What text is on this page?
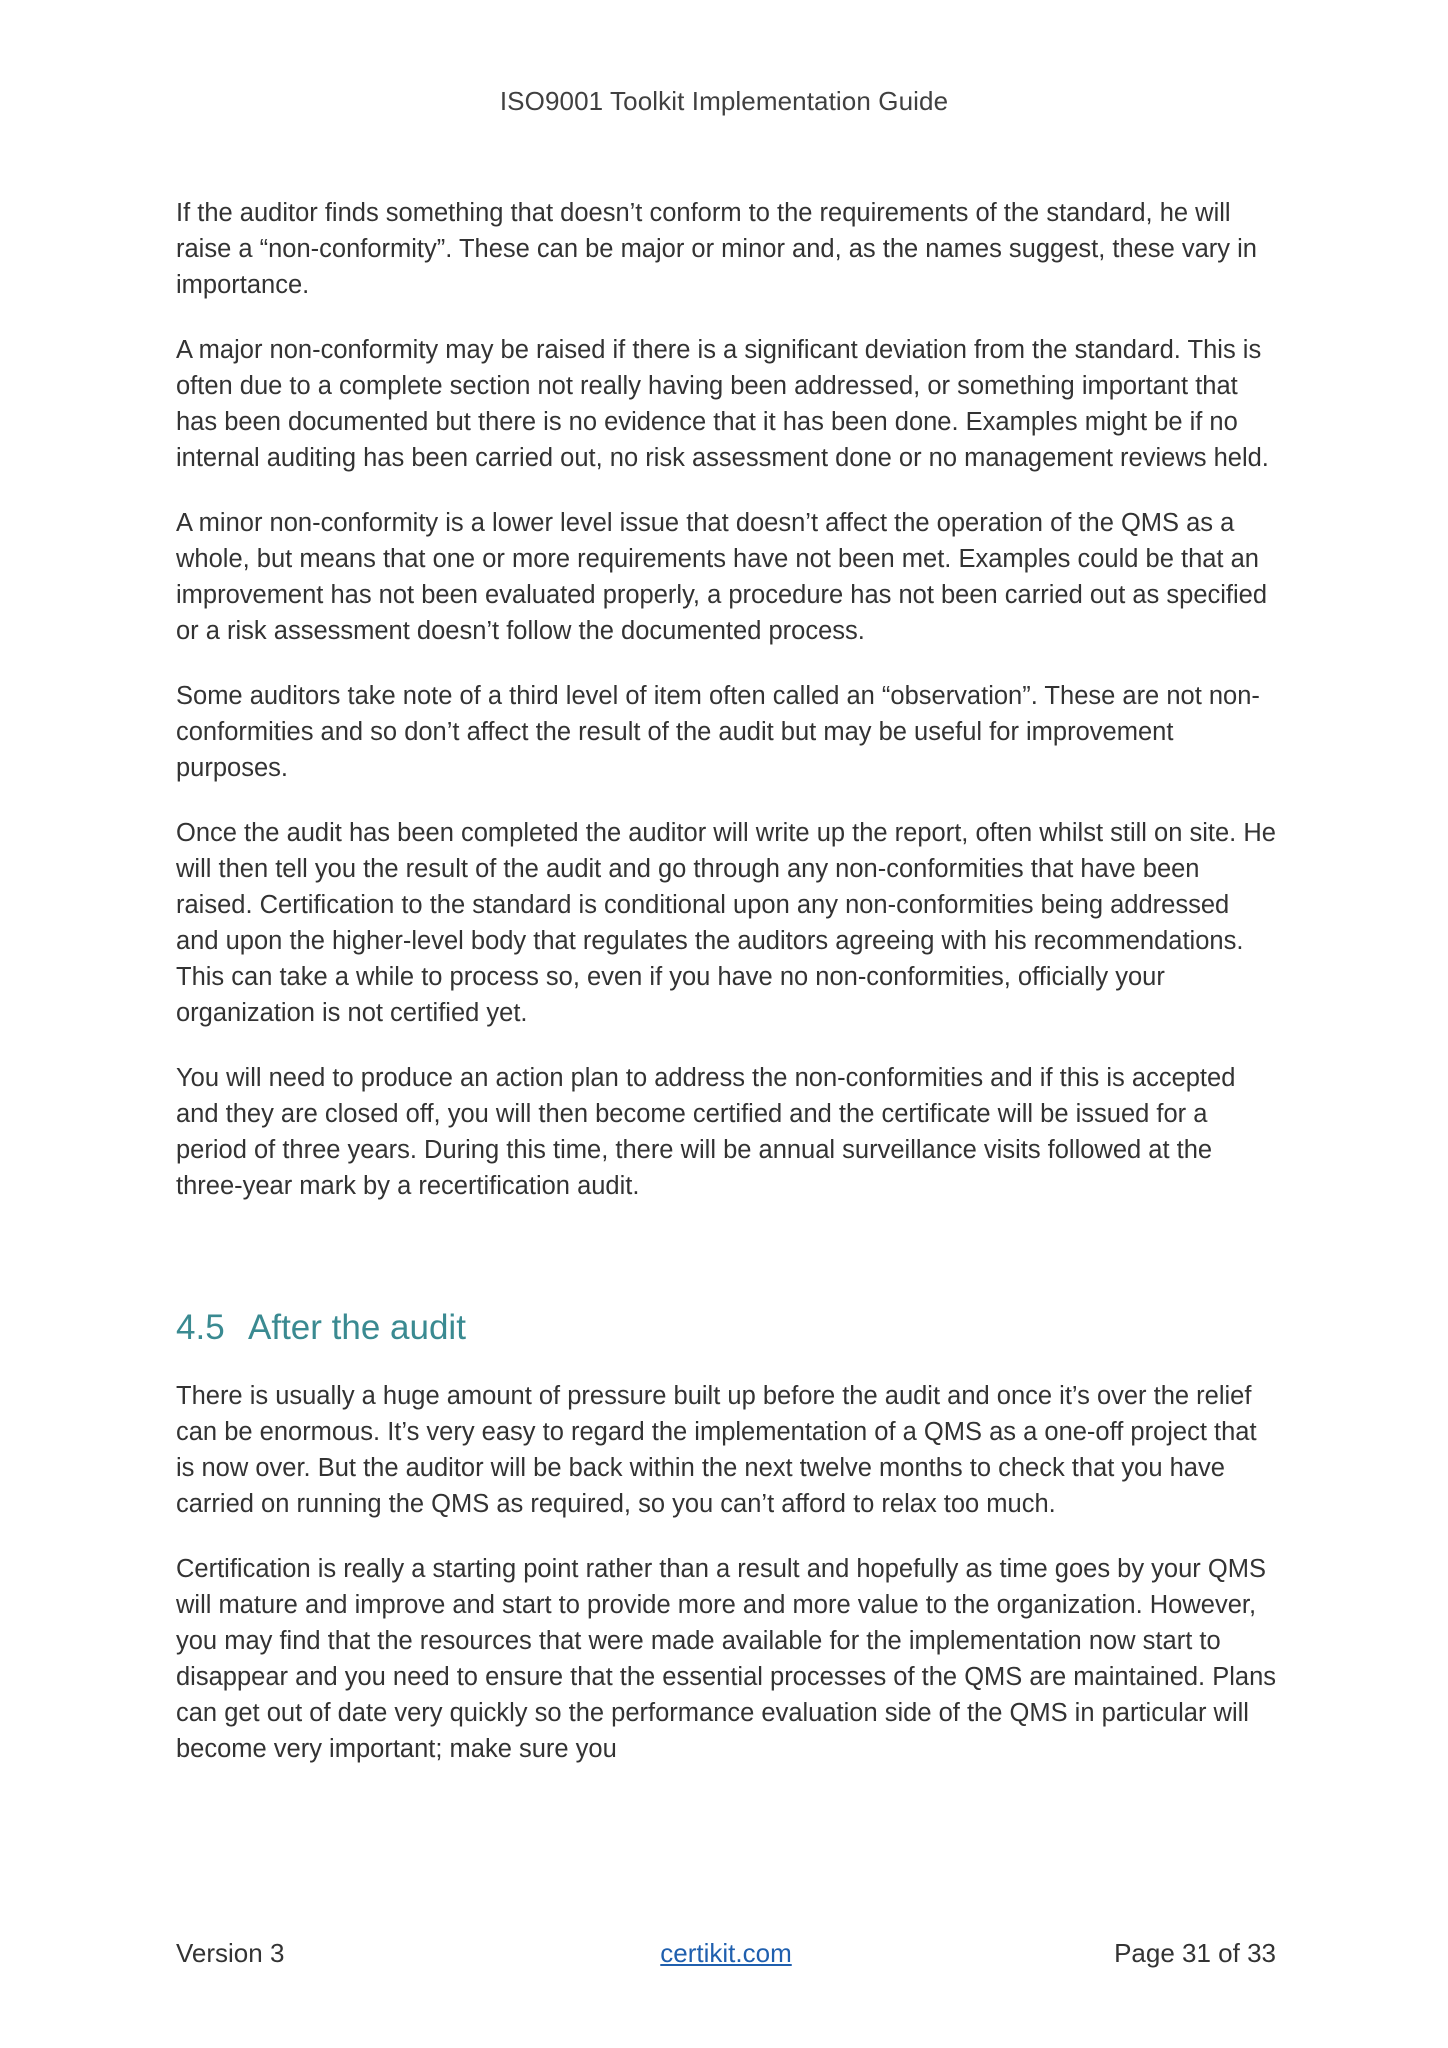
ISO9001 Toolkit Implementation Guide

If the auditor finds something that doesn’t conform to the requirements of the standard, he will raise a “non-conformity”. These can be major or minor and, as the names suggest, these vary in importance.

A major non-conformity may be raised if there is a significant deviation from the standard. This is often due to a complete section not really having been addressed, or something important that has been documented but there is no evidence that it has been done. Examples might be if no internal auditing has been carried out, no risk assessment done or no management reviews held.

A minor non-conformity is a lower level issue that doesn’t affect the operation of the QMS as a whole, but means that one or more requirements have not been met. Examples could be that an improvement has not been evaluated properly, a procedure has not been carried out as specified or a risk assessment doesn’t follow the documented process.

Some auditors take note of a third level of item often called an “observation”. These are not non-conformities and so don’t affect the result of the audit but may be useful for improvement purposes.

Once the audit has been completed the auditor will write up the report, often whilst still on site. He will then tell you the result of the audit and go through any non-conformities that have been raised. Certification to the standard is conditional upon any non-conformities being addressed and upon the higher-level body that regulates the auditors agreeing with his recommendations. This can take a while to process so, even if you have no non-conformities, officially your organization is not certified yet.

You will need to produce an action plan to address the non-conformities and if this is accepted and they are closed off, you will then become certified and the certificate will be issued for a period of three years. During this time, there will be annual surveillance visits followed at the three-year mark by a recertification audit.

4.5 After the audit

There is usually a huge amount of pressure built up before the audit and once it’s over the relief can be enormous. It’s very easy to regard the implementation of a QMS as a one-off project that is now over. But the auditor will be back within the next twelve months to check that you have carried on running the QMS as required, so you can’t afford to relax too much.

Certification is really a starting point rather than a result and hopefully as time goes by your QMS will mature and improve and start to provide more and more value to the organization. However, you may find that the resources that were made available for the implementation now start to disappear and you need to ensure that the essential processes of the QMS are maintained. Plans can get out of date very quickly so the performance evaluation side of the QMS in particular will become very important; make sure you

Version 3	certikit.com	Page 31 of 33
